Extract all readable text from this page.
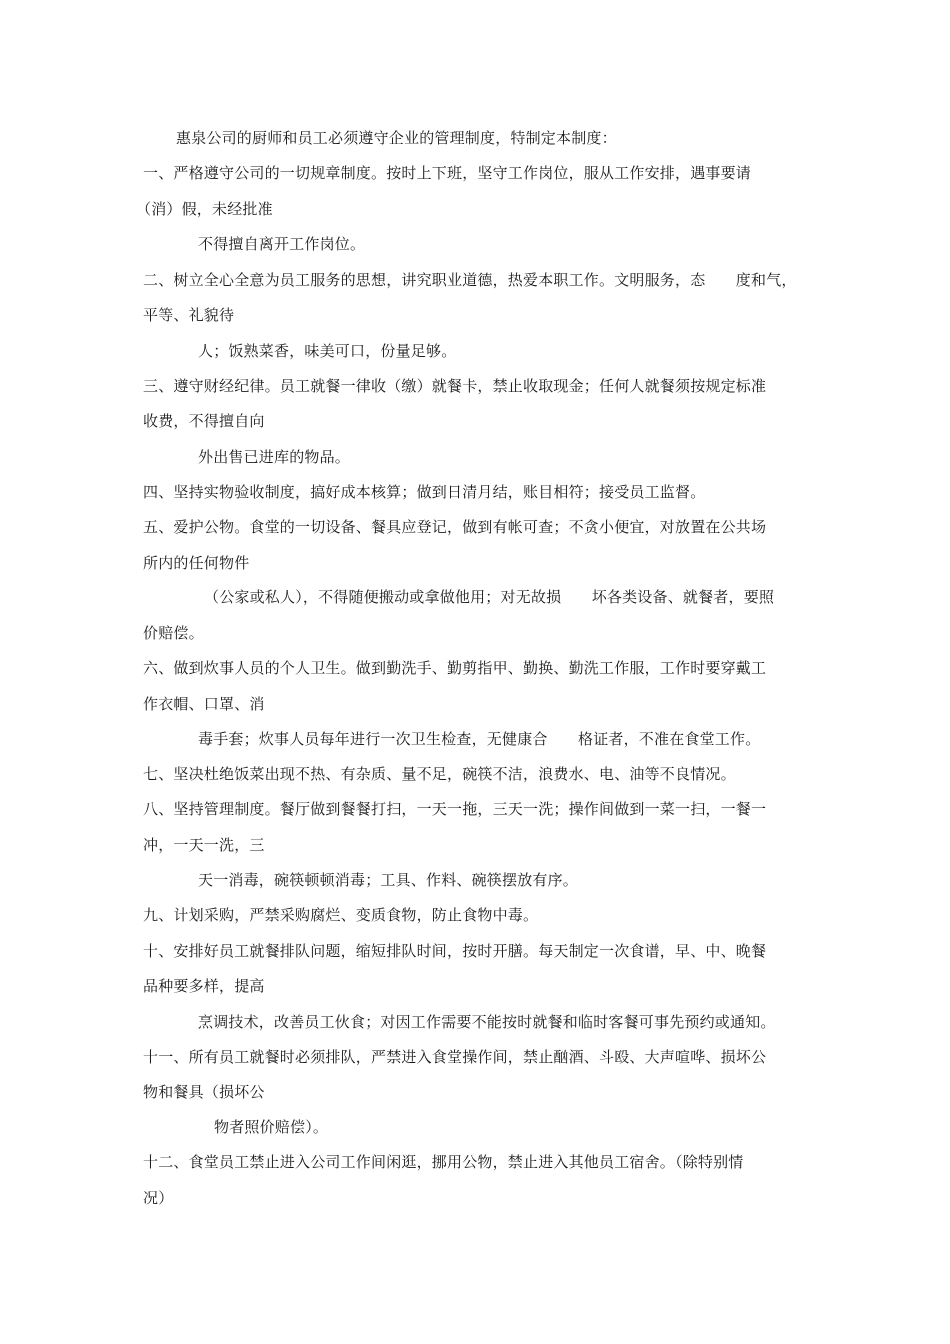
惠泉公司的厨师和员工必须遵守企业的管理制度，特制定本制度：
一、严格遵守公司的一切规章制度。按时上下班，坚守工作岗位，服从工作安排，遇事要请
（消）假，未经批准
不得擅自离开工作岗位。
二、树立全心全意为员工服务的思想，讲究职业道德，热爱本职工作。文明服务，态　　度和气，
平等、礼貌待
人；饭熟菜香，味美可口，份量足够。
三、遵守财经纪律。员工就餐一律收（缴）就餐卡，禁止收取现金；任何人就餐须按规定标准
收费，不得擅自向
外出售已进库的物品。
四、坚持实物验收制度，搞好成本核算；做到日清月结，账目相符；接受员工监督。
五、爱护公物。食堂的一切设备、餐具应登记，做到有帐可查；不贪小便宜，对放置在公共场
所内的任何物件
（公家或私人），不得随便搬动或拿做他用；对无故损　　坏各类设备、就餐者，要照
价赔偿。
六、做到炊事人员的个人卫生。做到勤洗手、勤剪指甲、勤换、勤洗工作服，工作时要穿戴工
作衣帽、口罩、消
毒手套；炊事人员每年进行一次卫生检查，无健康合　　格证者，不准在食堂工作。
七、坚决杜绝饭菜出现不热、有杂质、量不足，碗筷不洁，浪费水、电、油等不良情况。
八、坚持管理制度。餐厅做到餐餐打扫，一天一拖，三天一洗；操作间做到一菜一扫，一餐一
冲，一天一洗，三
天一消毒，碗筷顿顿消毒；工具、作料、碗筷摆放有序。
九、计划采购，严禁采购腐烂、变质食物，防止食物中毒。
十、安排好员工就餐排队问题，缩短排队时间，按时开膳。每天制定一次食谱，早、中、晚餐
品种要多样，提高
烹调技术，改善员工伙食；对因工作需要不能按时就餐和临时客餐可事先预约或通知。
十一、所有员工就餐时必须排队，严禁进入食堂操作间，禁止酗酒、斗殴、大声喧哗、损坏公
物和餐具（损坏公
物者照价赔偿）。
十二、食堂员工禁止进入公司工作间闲逛，挪用公物，禁止进入其他员工宿舍。（除特别情
况）
